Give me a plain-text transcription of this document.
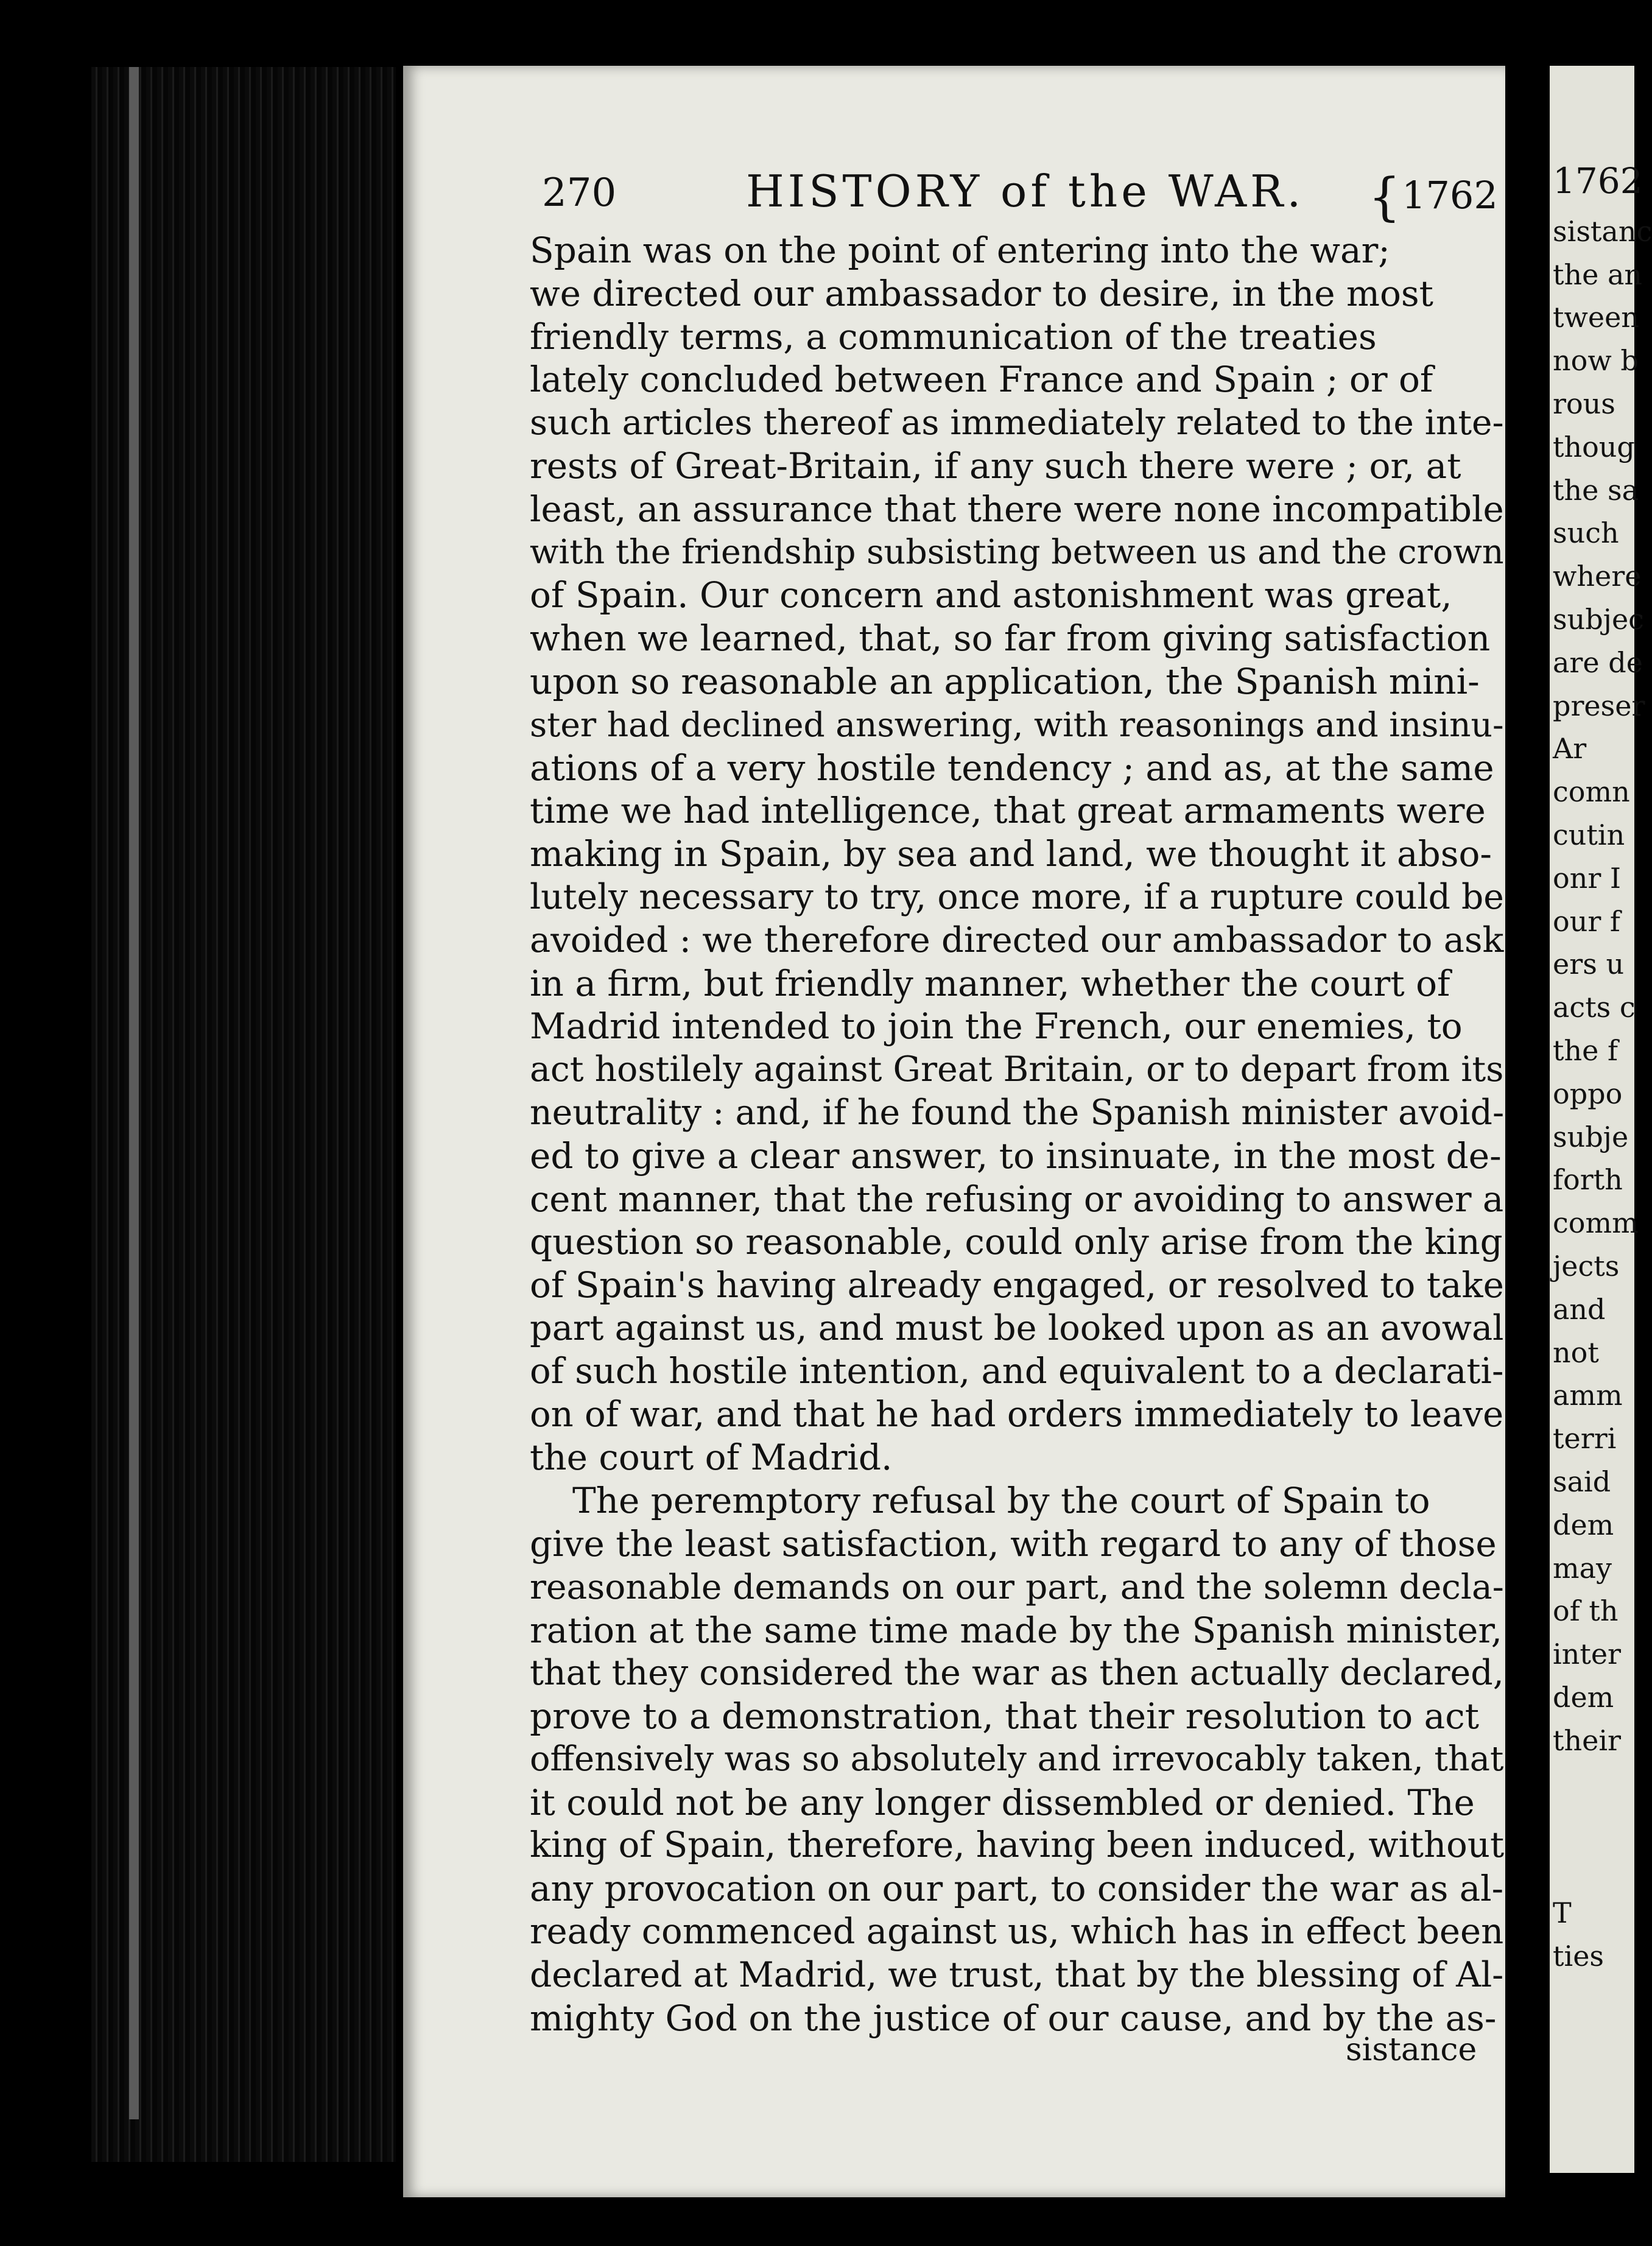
270	HISTORY of the WAR. { 1762
Spain was on the point of entering into the war;
we directed our ambassador to desire, in the most
friendly terms, a communication of the treaties
lately concluded between France and Spain ; or of
such articles thereof as immediately related to the inte-
rests of Great-Britain, if any such there were ; or, at
least, an assurance that there were none incompatible
with the friendship subsisting between us and the crown
of Spain. Our concern and astonishment was great,
when we learned, that, so far from giving satisfaction
upon so reasonable an application, the Spanish mini-
ster had declined answering, with reasonings and insinu-
ations of a very hostile tendency ; and as, at the same
time we had intelligence, that great armaments were
making in Spain, by sea and land, we thought it abso-
lutely necessary to try, once more, if a rupture could be
avoided : we therefore directed our ambassador to ask
in a firm, but friendly manner, whether the court of
Madrid intended to join the French, our enemies, to
act hostilely against Great Britain, or to depart from its
neutrality : and, if he found the Spanish minister avoid-
ed to give a clear answer, to insinuate, in the most de-
cent manner, that the refusing or avoiding to answer a
question so reasonable, could only arise from the king
of Spain's having already engaged, or resolved to take
part against us, and must be looked upon as an avowal
of such hostile intention, and equivalent to a declarati-
on of war, and that he had orders immediately to leave
the court of Madrid.
The peremptory refusal by the court of Spain to
give the least satisfaction, with regard to any of those
reasonable demands on our part, and the solemn decla-
ration at the same time made by the Spanish minister,
that they considered the war as then actually declared,
prove to a demonstration, that their resolution to act
offensively was so absolutely and irrevocably taken, that
it could not be any longer dissembled or denied. The
king of Spain, therefore, having been induced, without
any provocation on our part, to consider the war as al-
ready commenced against us, which has in effect been
declared at Madrid, we trust, that by the blessing of Al-
mighty God on the justice of our cause, and by the as-
sistance
1762
sistanc
the an
tween
now b
rous
thoug
the sa
such
where
subjec
are de
preser
Ar
comn
cutin
onr I
our f
ers u
acts c
the f
oppo
subje
forth
comm
jects
and
not
amm
terri
said
dem
may
of th
inter
dem
their
T
ties
